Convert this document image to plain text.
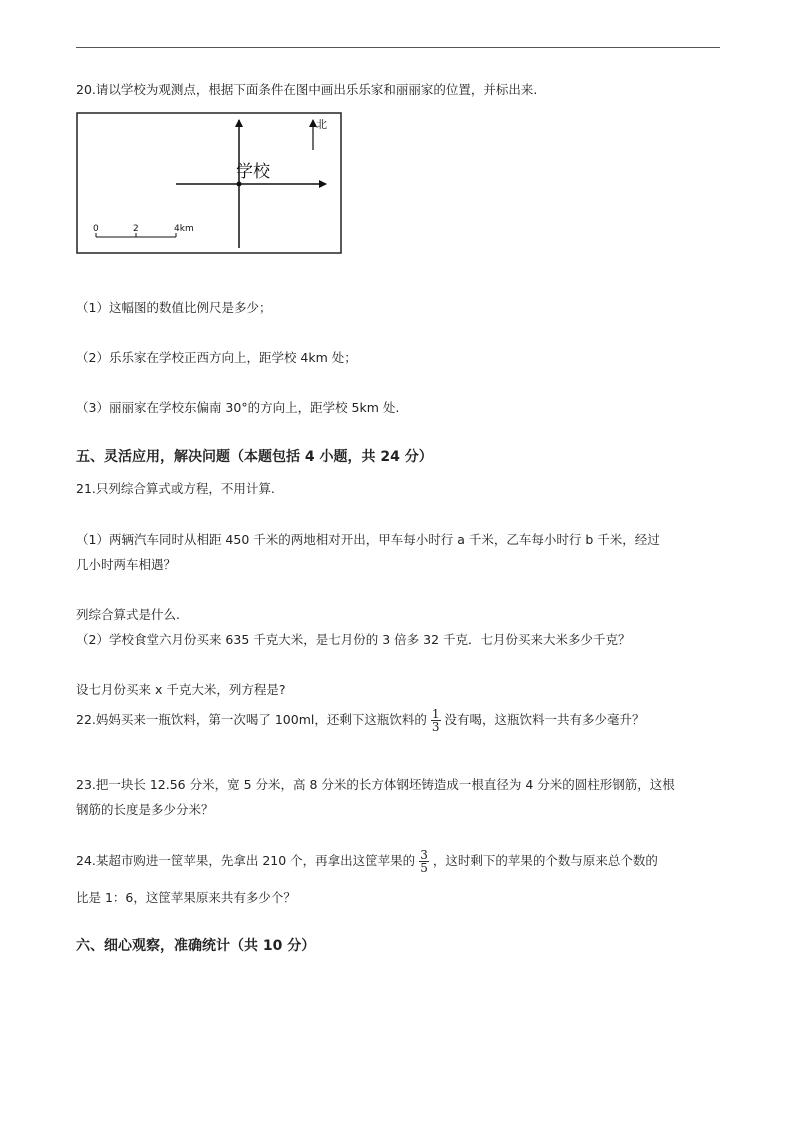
20.请以学校为观测点，根据下面条件在图中画出乐乐家和丽丽家的位置，并标出来.
学校
北
0	2	4km
（1）这幅图的数值比例尺是多少；
（2）乐乐家在学校正西方向上，距学校 4km 处；
（3）丽丽家在学校东偏南 30°的方向上，距学校 5km 处.
五、灵活应用，解决问题（本题包括 4 小题，共 24 分）
21.只列综合算式或方程，不用计算.
（1）两辆汽车同时从相距 450 千米的两地相对开出，甲车每小时行 a 千米，乙车每小时行 b 千米，经过
几小时两车相遇？
列综合算式是什么.
（2）学校食堂六月份买来 635 千克大米，是七月份的 3 倍多 32 千克．七月份买来大米多少千克？
设七月份买来 x 千克大米，列方程是?
22.妈妈买来一瓶饮料，第一次喝了 100ml，还剩下这瓶饮料的 $\frac{1}{3}$ 没有喝，这瓶饮料一共有多少毫升？
23.把一块长 12.56 分米，宽 5 分米，高 8 分米的长方体钢坯铸造成一根直径为 4 分米的圆柱形钢筋，这根
钢筋的长度是多少分米？
24.某超市购进一筐苹果，先拿出 210 个，再拿出这筐苹果的 $\frac{3}{5}$ ，这时剩下的苹果的个数与原来总个数的
比是 1：6，这筐苹果原来共有多少个？
六、细心观察，准确统计（共 10 分）
